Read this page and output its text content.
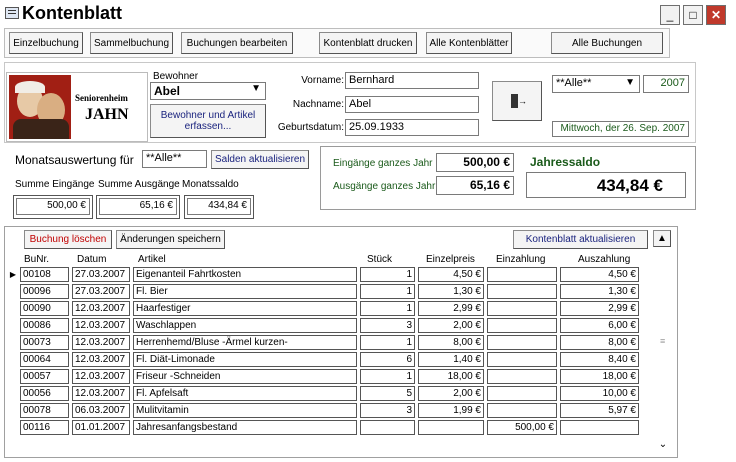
Kontenblatt	_	□	✕
Einzelbuchung	Sammelbuchung	Buchungen bearbeiten	Kontenblatt drucken	Alle Kontenblätter	Alle Buchungen
Seniorenheim
JAHN
Bewohner
Abel	▼
Bewohner und Artikel erfassen...
Vorname: Bernhard
Nachname: Abel
Geburtsdatum: 25.09.1933
→
**Alle**	▼	2007
Mittwoch, der 26. Sep. 2007
Monatsauswertung für	**Alle**	Salden aktualisieren
Summe Eingänge Summe Ausgänge Monatssaldo
500,00 €	65,16 €	434,84 €
Eingänge ganzes Jahr	500,00 €	Jahressaldo
Ausgänge ganzes Jahr	65,16 €	434,84 €
Buchung löschen	Änderungen speichern	Kontenblatt aktualisieren	▲
BuNr.	Datum	Artikel	Stück	Einzelpreis Einzahlung	Auszahlung
▶	00108	27.03.2007	Eigenanteil Fahrtkosten	1	4,50 €		4,50 €

	00096	27.03.2007	Fl. Bier	1	1,30 €		1,30 €

	00090	12.03.2007	Haarfestiger	1	2,99 €		2,99 €

	00086	12.03.2007	Waschlappen	3	2,00 €		6,00 €

	00073	12.03.2007	Herrenhemd/Bluse -Ärmel kurzen-	1	8,00 €		8,00 €

	00064	12.03.2007	Fl. Diät-Limonade	6	1,40 €		8,40 €

	00057	12.03.2007	Friseur -Schneiden	1	18,00 €		18,00 €

	00056	12.03.2007	Fl. Apfelsaft	5	2,00 €		10,00 €

	00078	06.03.2007	Mulitvitamin	3	1,99 €		5,97 €

	00116	01.01.2007	Jahresanfangsbestand			500,00 €	

≡
⌄
